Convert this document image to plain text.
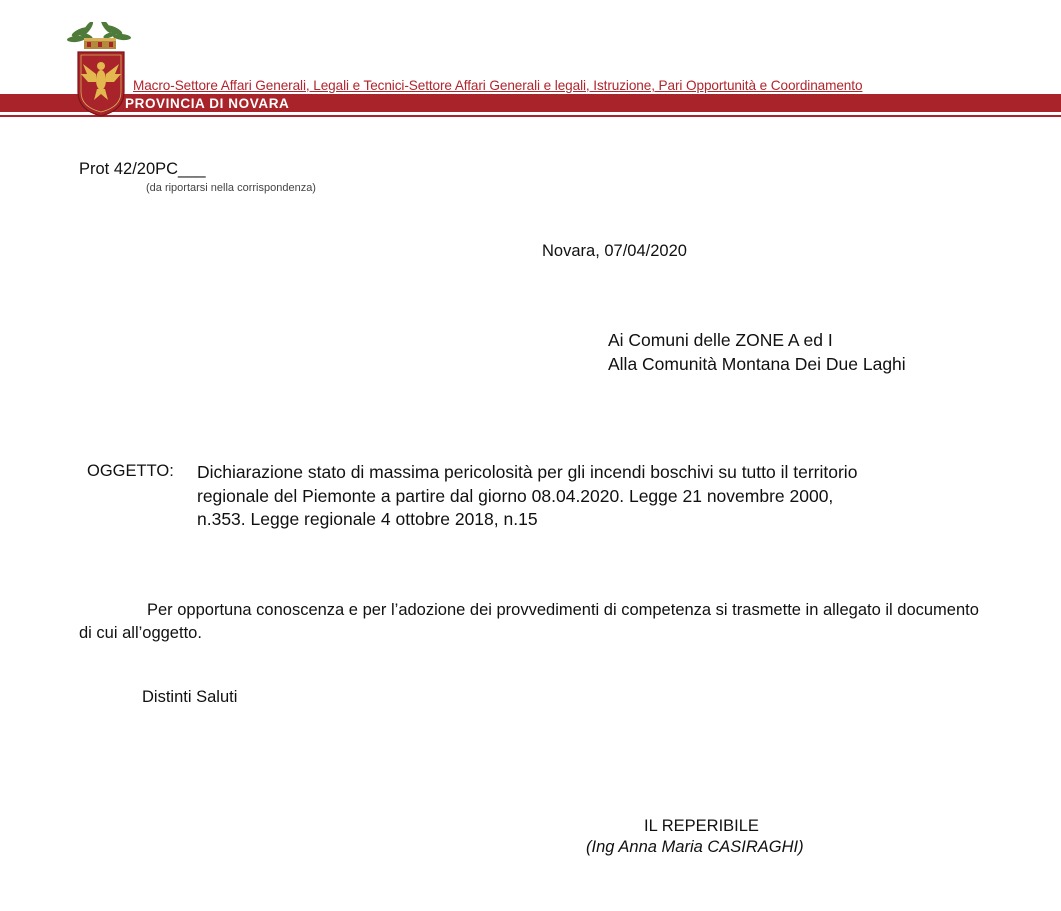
Macro-Settore Affari Generali, Legali e Tecnici-Settore Affari Generali e legali, Istruzione, Pari Opportunità e Coordinamento
PROVINCIA DI NOVARA
Prot 42/20PC___
(da riportarsi nella corrispondenza)
Novara, 07/04/2020
Ai Comuni delle ZONE A ed I
Alla Comunità Montana Dei Due Laghi
OGGETTO: Dichiarazione stato di massima pericolosità per gli incendi boschivi su tutto il territorio
regionale del Piemonte a partire dal giorno 08.04.2020. Legge 21 novembre 2000,
n.353. Legge regionale 4 ottobre 2018, n.15
Per opportuna conoscenza e per l’adozione dei provvedimenti di competenza si trasmette in allegato il documento di cui all’oggetto.
Distinti Saluti
IL REPERIBILE
(Ing Anna Maria CASIRAGHI)
